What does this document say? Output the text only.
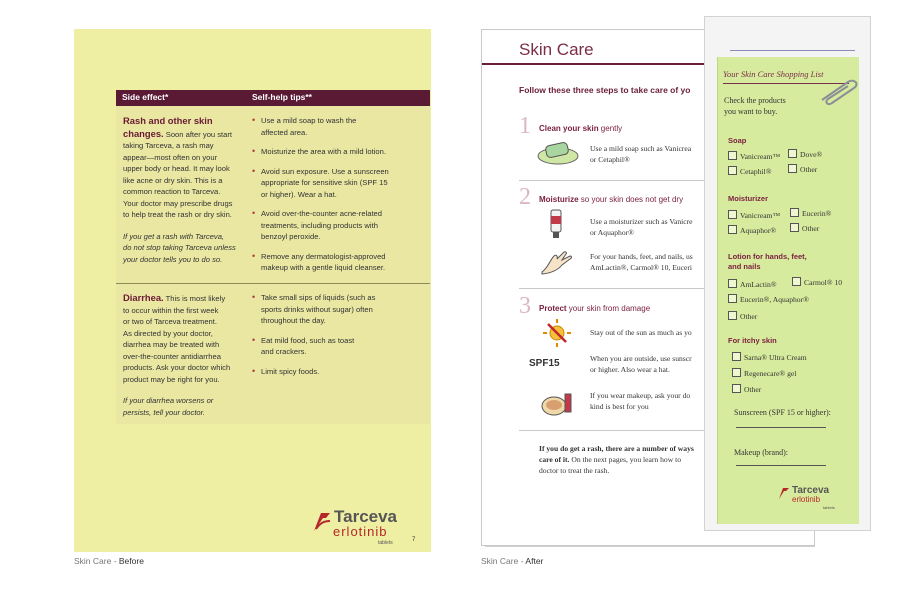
Side effect*	Self-help tips**
Rash and other skin
changes. Soon after you start
taking Tarceva, a rash may
appear—most often on your
upper body or head. It may look
like acne or dry skin. This is a
common reaction to Tarceva.
Your doctor may prescribe drugs
to help treat the rash or dry skin.
If you get a rash with Tarceva,
do not stop taking Tarceva unless
your doctor tells you to do so.
• Use a mild soap to wash the
affected area.
• Moisturize the area with a mild lotion.
• Avoid sun exposure. Use a sunscreen
appropriate for sensitive skin (SPF 15
or higher). Wear a hat.
• Avoid over-the-counter acne-related
treatments, including products with
benzoyl peroxide.
• Remove any dermatologist-approved
makeup with a gentle liquid cleanser.
Diarrhea. This is most likely
to occur within the first week
or two of Tarceva treatment.
As directed by your doctor,
diarrhea may be treated with
over-the-counter antidiarrhea
products. Ask your doctor which
product may be right for you.
If your diarrhea worsens or
persists, tell your doctor.
• Take small sips of liquids (such as
sports drinks without sugar) often
throughout the day.
• Eat mild food, such as toast
and crackers.
• Limit spicy foods.
Tarceva
erlotinib
tablets	7
Skin Care - Before
Skin Care
Follow these three steps to take care of yo
1 Clean your skin gently
Use a mild soap such as Vanicrea
or Cetaphil®
2 Moisturize so your skin does not get dry
Use a moisturizer such as Vanicre
or Aquaphor®
For your hands, feet, and nails, us
AmLactin®, Carmol® 10, Euceri
3 Protect your skin from damage
Stay out of the sun as much as yo
SPF15	When you are outside, use sunscr
or higher. Also wear a hat.
If you wear makeup, ask your do
kind is best for you
If you do get a rash, there are a number of ways
care of it. On the next pages, you learn how to
doctor to treat the rash.
Skin Care - After
Your Skin Care Shopping List
Check the products
you want to buy.
Soap
Vanicream™	Dove®
Cetaphil®	Other
Moisturizer
Vanicream™	Eucerin®
Aquaphor®	Other
Lotion for hands, feet,
and nails
AmLactin®	Carmol® 10
Eucerin®, Aquaphor®
Other
For itchy skin
Sarna® Ultra Cream
Regenecare® gel
Other
Sunscreen (SPF 15 or higher):
Makeup (brand):
Tarceva
erlotinib
tablets
